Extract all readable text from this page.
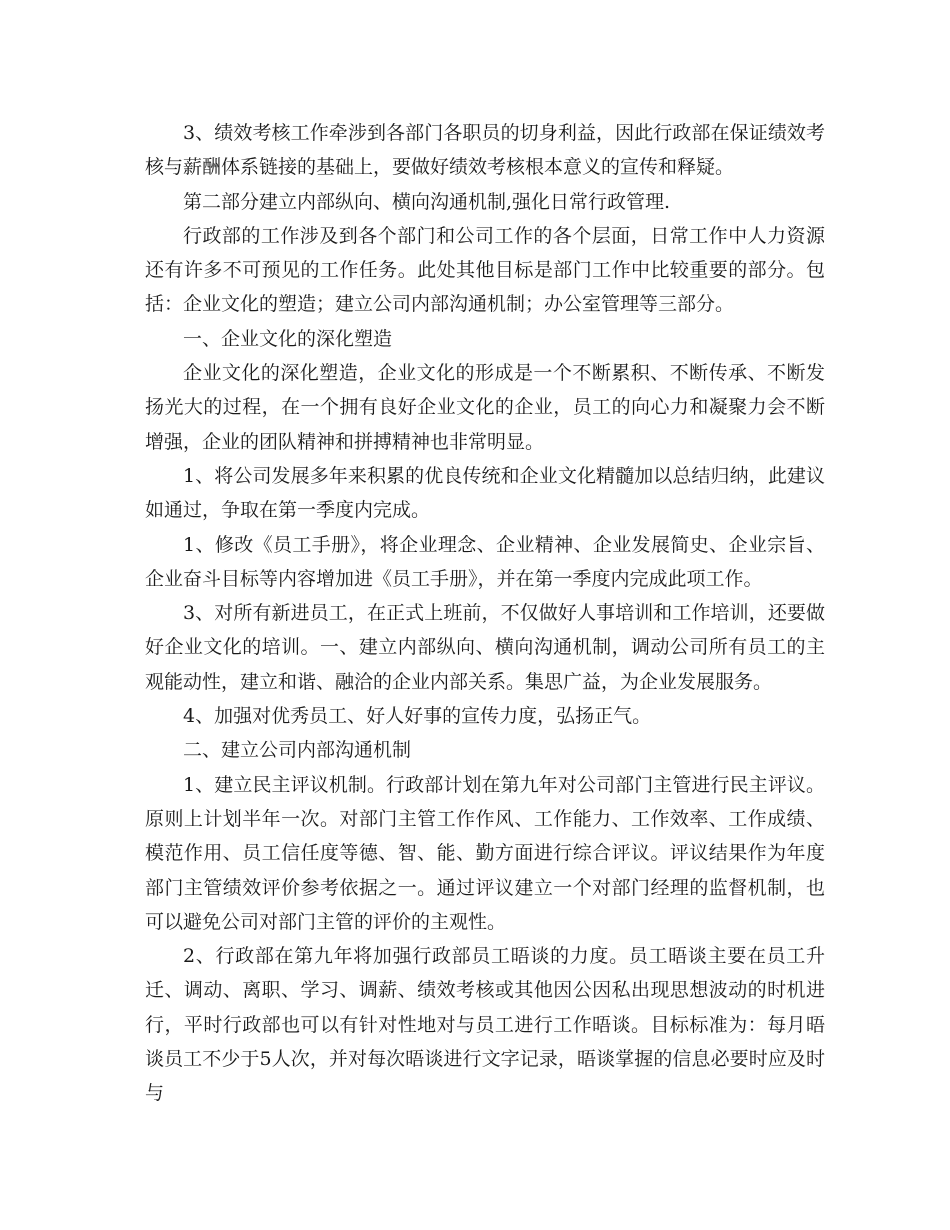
3、绩效考核工作牵涉到各部门各职员的切身利益，因此行政部在保证绩效考核与薪酬体系链接的基础上，要做好绩效考核根本意义的宣传和释疑。

第二部分建立内部纵向、横向沟通机制,强化日常行政管理.

行政部的工作涉及到各个部门和公司工作的各个层面，日常工作中人力资源还有许多不可预见的工作任务。此处其他目标是部门工作中比较重要的部分。包括：企业文化的塑造；建立公司内部沟通机制；办公室管理等三部分。

一、企业文化的深化塑造

企业文化的深化塑造，企业文化的形成是一个不断累积、不断传承、不断发扬光大的过程，在一个拥有良好企业文化的企业，员工的向心力和凝聚力会不断增强，企业的团队精神和拼搏精神也非常明显。

1、将公司发展多年来积累的优良传统和企业文化精髓加以总结归纳，此建议如通过，争取在第一季度内完成。

1、修改《员工手册》，将企业理念、企业精神、企业发展简史、企业宗旨、企业奋斗目标等内容增加进《员工手册》，并在第一季度内完成此项工作。

3、对所有新进员工，在正式上班前，不仅做好人事培训和工作培训，还要做好企业文化的培训。一、建立内部纵向、横向沟通机制，调动公司所有员工的主观能动性，建立和谐、融洽的企业内部关系。集思广益，为企业发展服务。

4、加强对优秀员工、好人好事的宣传力度，弘扬正气。

二、建立公司内部沟通机制

1、建立民主评议机制。行政部计划在第九年对公司部门主管进行民主评议。原则上计划半年一次。对部门主管工作作风、工作能力、工作效率、工作成绩、模范作用、员工信任度等德、智、能、勤方面进行综合评议。评议结果作为年度部门主管绩效评价参考依据之一。通过评议建立一个对部门经理的监督机制，也可以避免公司对部门主管的评价的主观性。

2、行政部在第九年将加强行政部员工晤谈的力度。员工晤谈主要在员工升迁、调动、离职、学习、调薪、绩效考核或其他因公因私出现思想波动的时机进行，平时行政部也可以有针对性地对与员工进行工作晤谈。目标标准为：每月晤谈员工不少于5人次，并对每次晤谈进行文字记录，晤谈掌握的信息必要时应及时与
